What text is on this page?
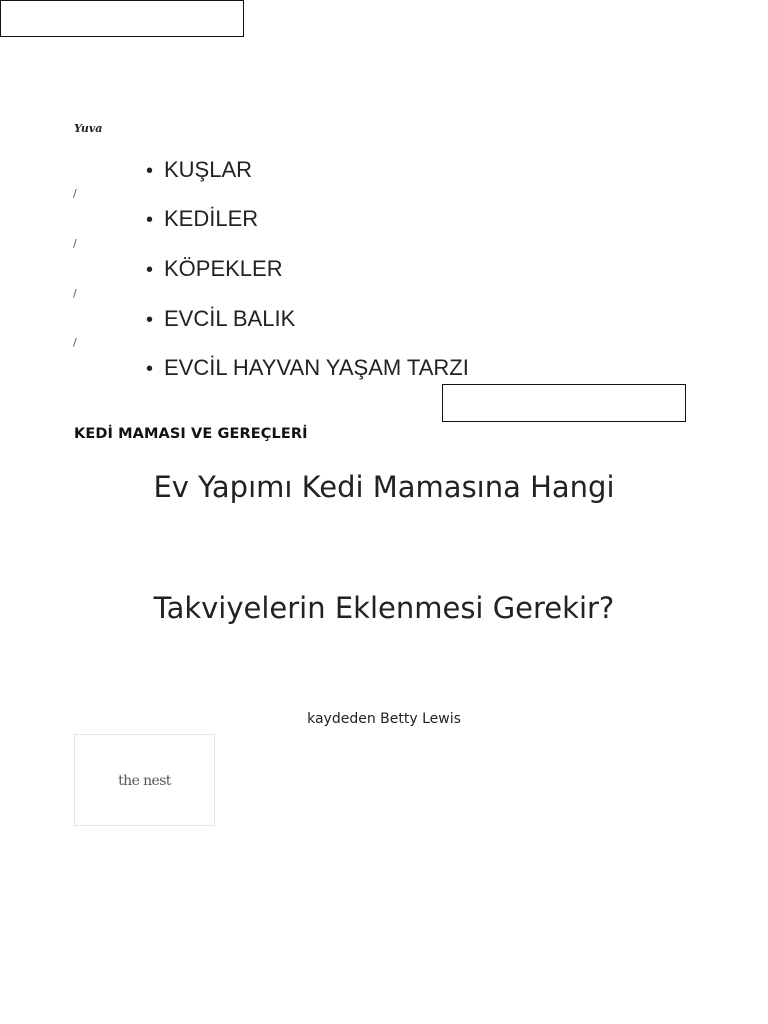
Yuva
• KUŞLAR
/
• KEDİLER
/
• KÖPEKLER
/
• EVCİL BALIK
/
• EVCİL HAYVAN YAŞAM TARZI
KEDİ MAMASI VE GEREÇLERİ
Ev Yapımı Kedi Mamasına Hangi
Takviyelerin Eklenmesi Gerekir?
kaydeden Betty Lewis
the nest
